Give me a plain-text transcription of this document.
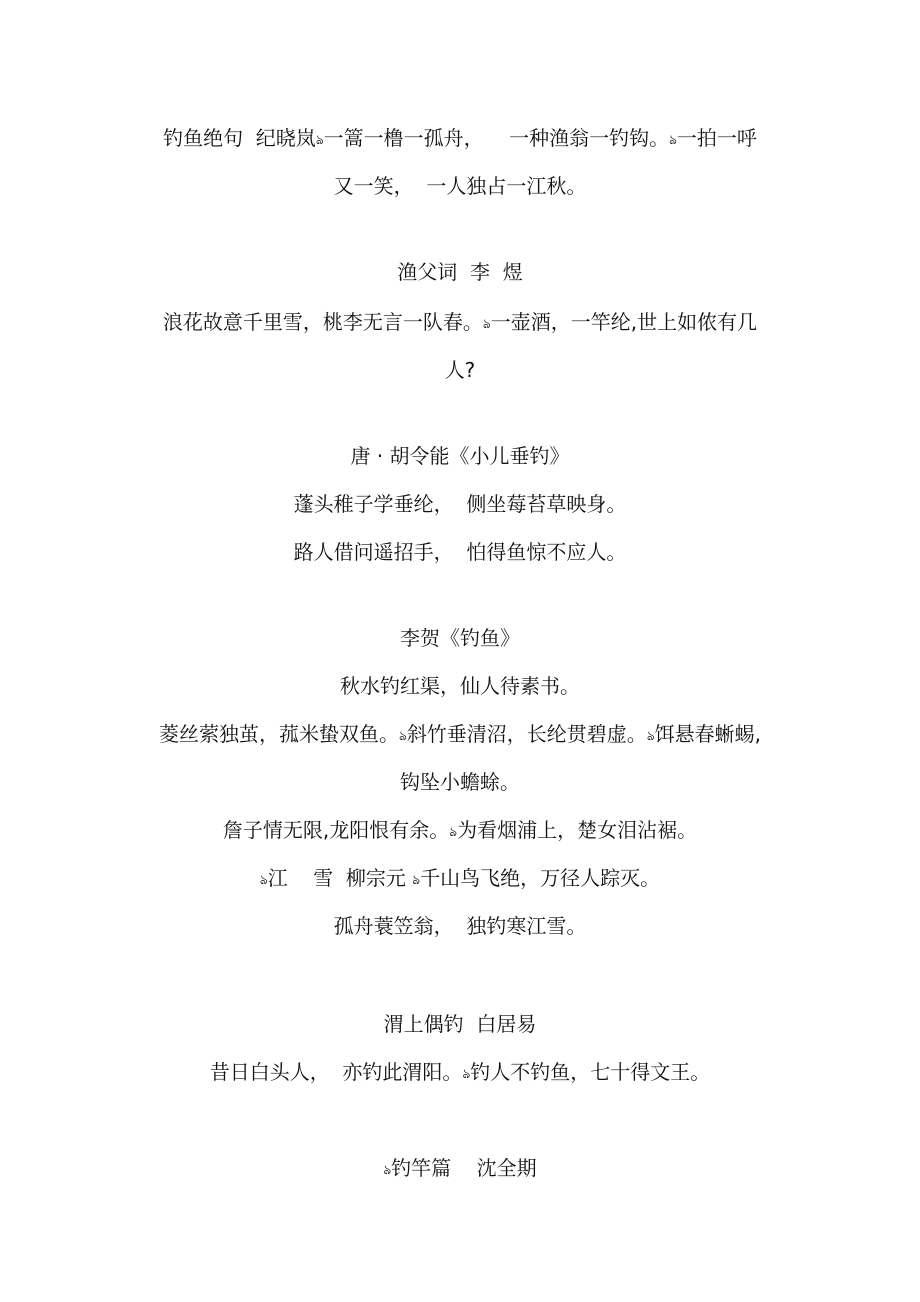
钓鱼绝句  纪晓岚ঌ一篙一橹一孤舟，    一种渔翁一钓钩。ঌ一拍一呼
又一笑，  一人独占一江秋。
渔父词  李  煜
浪花故意千里雪，桃李无言一队春。ঌ一壶酒，一竿纶,世上如侬有几
人?
唐 · 胡令能《小儿垂钓》
蓬头稚子学垂纶，  侧坐莓苔草映身。
路人借问遥招手，  怕得鱼惊不应人。
李贺《钓鱼》
秋水钓红渠，仙人待素书。
菱丝萦独茧，菰米蛰双鱼。ঌ斜竹垂清沼，长纶贯碧虚。ঌ饵悬春蜥蜴,
钩坠小蟾蜍。
詹子情无限,龙阳恨有余。ঌ为看烟浦上，楚女泪沾裾。
ঌ江    雪  柳宗元 ঌ千山鸟飞绝，万径人踪灭。
孤舟蓑笠翁，  独钓寒江雪。
渭上偶钓  白居易
昔日白头人，  亦钓此渭阳。ঌ钓人不钓鱼，七十得文王。
ঌ钓竿篇    沈全期
